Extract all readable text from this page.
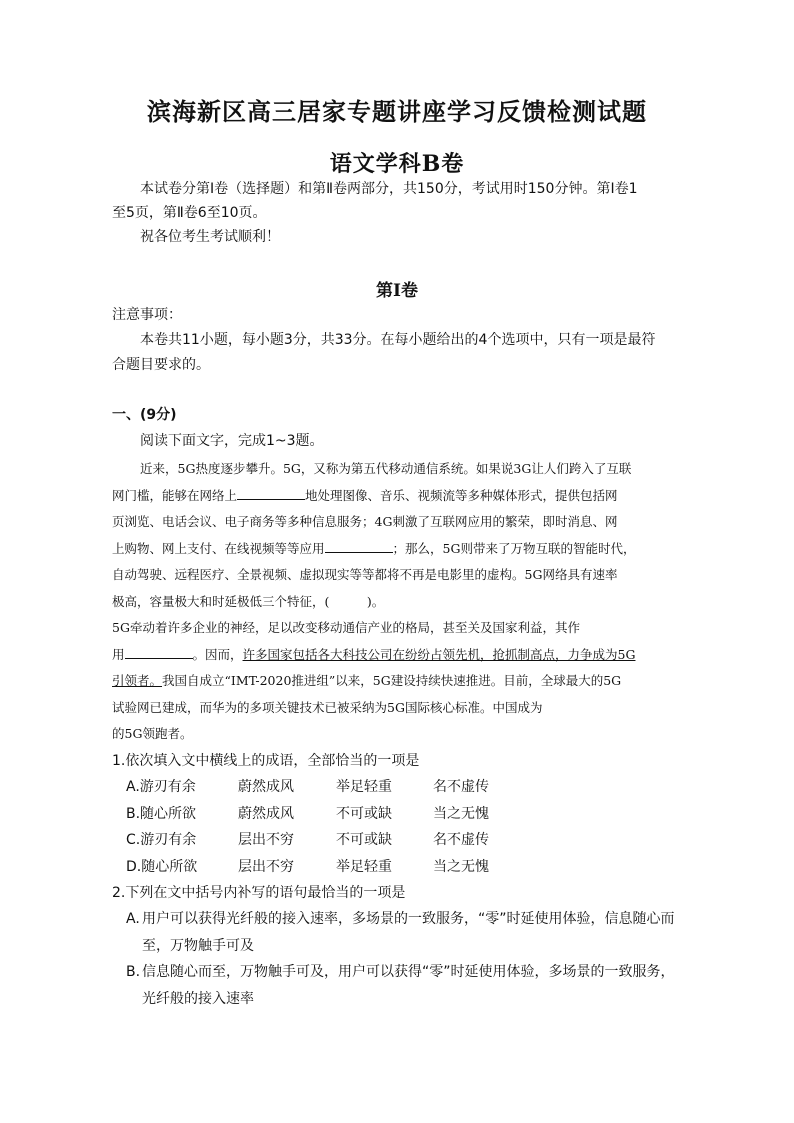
滨海新区高三居家专题讲座学习反馈检测试题
语文学科B卷

本试卷分第Ⅰ卷（选择题）和第Ⅱ卷两部分，共150分，考试用时150分钟。第Ⅰ卷1

至5页，第Ⅱ卷6至10页。

祝各位考生考试顺利！

第Ⅰ卷

注意事项：

本卷共11小题，每小题3分，共33分。在每小题给出的4个选项中，只有一项是最符

合题目要求的。

一、(9分)
阅读下面文字，完成1~3题。

近来，5G热度逐步攀升。5G，又称为第五代移动通信系统。如果说3G让人们跨入了互联

网门槛，能够在网络上	地处理图像、音乐、视频流等多种媒体形式，提供包括网

页浏览、电话会议、电子商务等多种信息服务；4G刺激了互联网应用的繁荣，即时消息、网

上购物、网上支付、在线视频等等应用	；那么，5G则带来了万物互联的智能时代，

自动驾驶、远程医疗、全景视频、虚拟现实等等都将不再是电影里的虚构。5G网络具有速率

极高，容量极大和时延极低三个特征，(　　　)。

5G牵动着许多企业的神经，足以改变移动通信产业的格局，甚至关及国家利益，其作

用	。因而，许多国家包括各大科技公司在纷纷占领先机，抢抓制高点，力争成为5G

引领者。我国自成立“IMT-2020推进组”以来，5G建设持续快速推进。目前，全球最大的5G

试验网已建成，而华为的多项关键技术已被采纳为5G国际核心标准。中国成为

的5G领跑者。

1.依次填入文中横线上的成语，全部恰当的一项是
A.游刃有余	蔚然成风	举足轻重	名不虚传
B.随心所欲	蔚然成风	不可或缺	当之无愧
C.游刃有余	层出不穷	不可或缺	名不虚传
D.随心所欲	层出不穷	举足轻重	当之无愧
2.下列在文中括号内补写的语句最恰当的一项是
A. 用户可以获得光纤般的接入速率，多场景的一致服务，“零”时延使用体验，信息随心而至，万物触手可及
B. 信息随心而至，万物触手可及，用户可以获得“零”时延使用体验，多场景的一致服务，光纤般的接入速率
